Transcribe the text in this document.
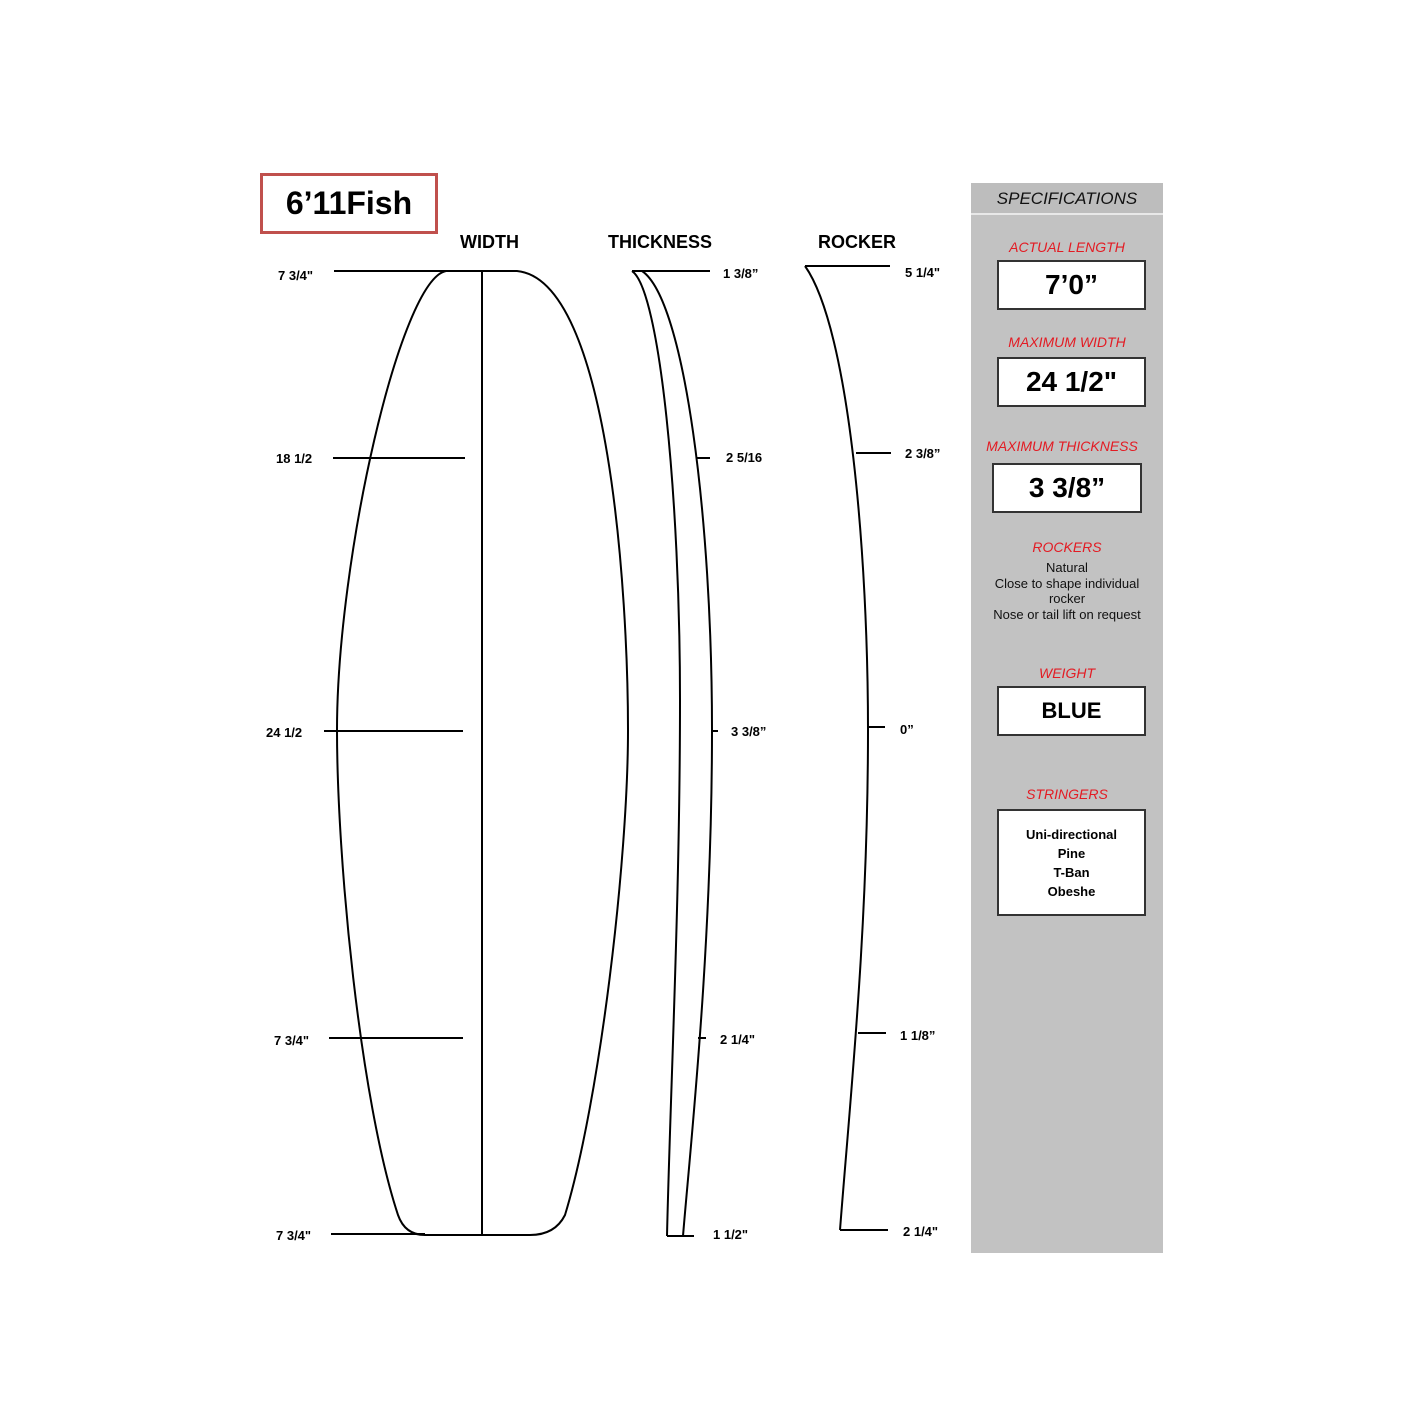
6’11Fish
WIDTH	THICKNESS	ROCKER
7 3/4"
18 1/2
24 1/2
7 3/4"
7 3/4"
1 3/8”
2 5/16
3 3/8”
2 1/4"
1 1/2"
5 1/4"
2 3/8”
0”
1 1/8”
2 1/4"
SPECIFICATIONS
ACTUAL LENGTH
7’0”
MAXIMUM WIDTH
24 1/2"
MAXIMUM THICKNESS
3 3/8”
ROCKERS
Natural
Close to shape individual
rocker
Nose or tail lift on request
WEIGHT
BLUE
STRINGERS
Uni-directional
Pine
T-Ban
Obeshe
